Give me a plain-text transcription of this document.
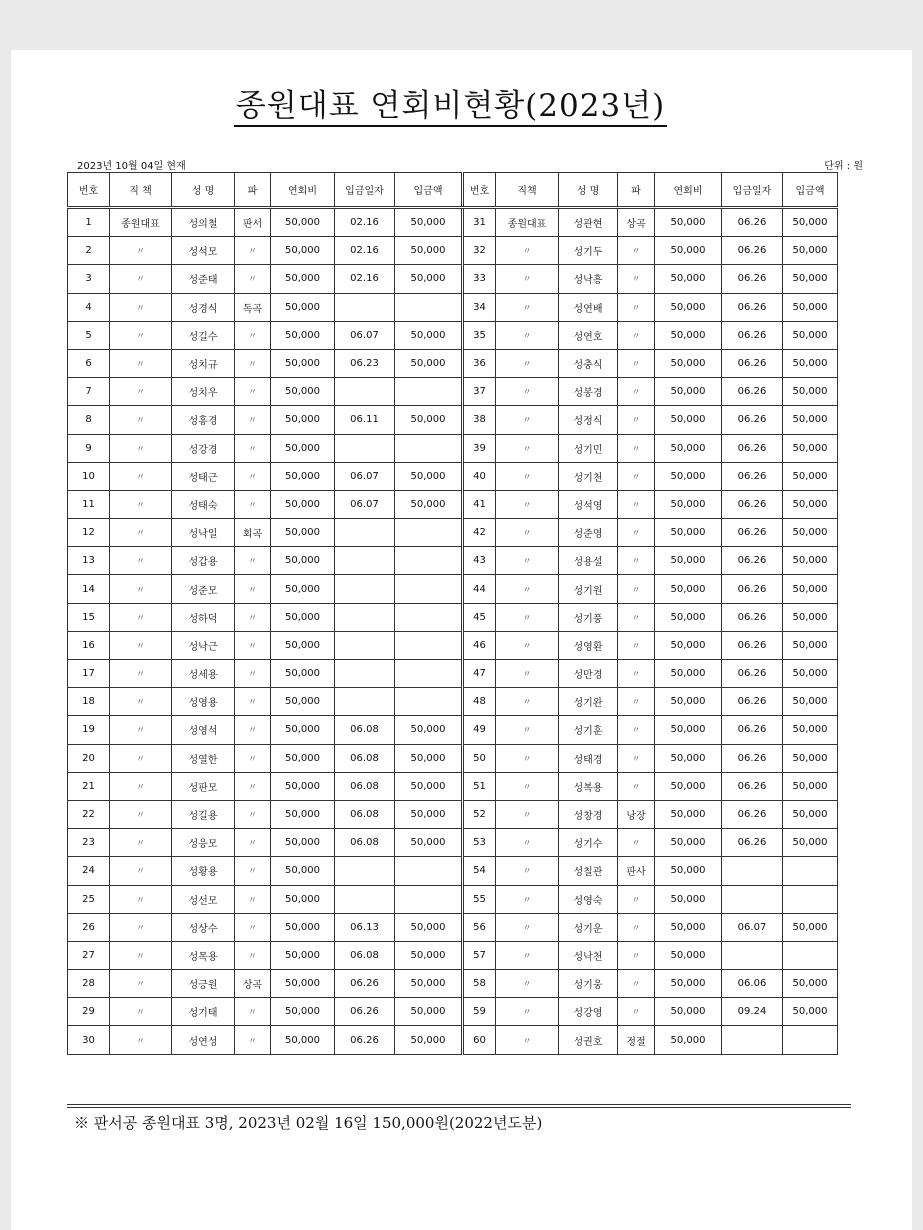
종원대표 연회비현황(2023년)
2023년 10월 04일 현재	단위 : 원
번호	직 책	성 명	파	연회비	입금일자	입금액	번호	직책	성 명	파	연회비	입금일자	입금액
1	종원대표	성의철	판서	50,000	02.16	50,000	31	종원대표	성관현	상곡	50,000	06.26	50,000
2	〃	성석모	〃	50,000	02.16	50,000	32	〃	성기두	〃	50,000	06.26	50,000
3	〃	성준태	〃	50,000	02.16	50,000	33	〃	성낙흥	〃	50,000	06.26	50,000
4	〃	성경식	독곡	50,000			34	〃	성연배	〃	50,000	06.26	50,000
5	〃	성길수	〃	50,000	06.07	50,000	35	〃	성연호	〃	50,000	06.26	50,000
6	〃	성치규	〃	50,000	06.23	50,000	36	〃	성충식	〃	50,000	06.26	50,000
7	〃	성치우	〃	50,000			37	〃	성봉경	〃	50,000	06.26	50,000
8	〃	성홍경	〃	50,000	06.11	50,000	38	〃	성정식	〃	50,000	06.26	50,000
9	〃	성강경	〃	50,000			39	〃	성기민	〃	50,000	06.26	50,000
10	〃	성태근	〃	50,000	06.07	50,000	40	〃	성기천	〃	50,000	06.26	50,000
11	〃	성태숙	〃	50,000	06.07	50,000	41	〃	성석영	〃	50,000	06.26	50,000
12	〃	성낙일	회곡	50,000			42	〃	성준영	〃	50,000	06.26	50,000
13	〃	성갑용	〃	50,000			43	〃	성용설	〃	50,000	06.26	50,000
14	〃	성준모	〃	50,000			44	〃	성기원	〃	50,000	06.26	50,000
15	〃	성하덕	〃	50,000			45	〃	성기풍	〃	50,000	06.26	50,000
16	〃	성낙근	〃	50,000			46	〃	성영환	〃	50,000	06.26	50,000
17	〃	성세용	〃	50,000			47	〃	성만경	〃	50,000	06.26	50,000
18	〃	성영용	〃	50,000			48	〃	성기완	〃	50,000	06.26	50,000
19	〃	성영석	〃	50,000	06.08	50,000	49	〃	성기훈	〃	50,000	06.26	50,000
20	〃	성열한	〃	50,000	06.08	50,000	50	〃	성태경	〃	50,000	06.26	50,000
21	〃	성판모	〃	50,000	06.08	50,000	51	〃	성복용	〃	50,000	06.26	50,000
22	〃	성길용	〃	50,000	06.08	50,000	52	〃	성창경	낭장	50,000	06.26	50,000
23	〃	성응모	〃	50,000	06.08	50,000	53	〃	성기수	〃	50,000	06.26	50,000
24	〃	성황용	〃	50,000			54	〃	성칠관	판사	50,000		
25	〃	성선모	〃	50,000			55	〃	성영숙	〃	50,000		
26	〃	성상수	〃	50,000	06.13	50,000	56	〃	성기운	〃	50,000	06.07	50,000
27	〃	성목용	〃	50,000	06.08	50,000	57	〃	성낙천	〃	50,000		
28	〃	성긍원	상곡	50,000	06.26	50,000	58	〃	성기웅	〃	50,000	06.06	50,000
29	〃	성기태	〃	50,000	06.26	50,000	59	〃	성강영	〃	50,000	09.24	50,000
30	〃	성연성	〃	50,000	06.26	50,000	60	〃	성권호	정절	50,000		
※ 판서공 종원대표 3명, 2023년 02월 16일 150,000원(2022년도분)
